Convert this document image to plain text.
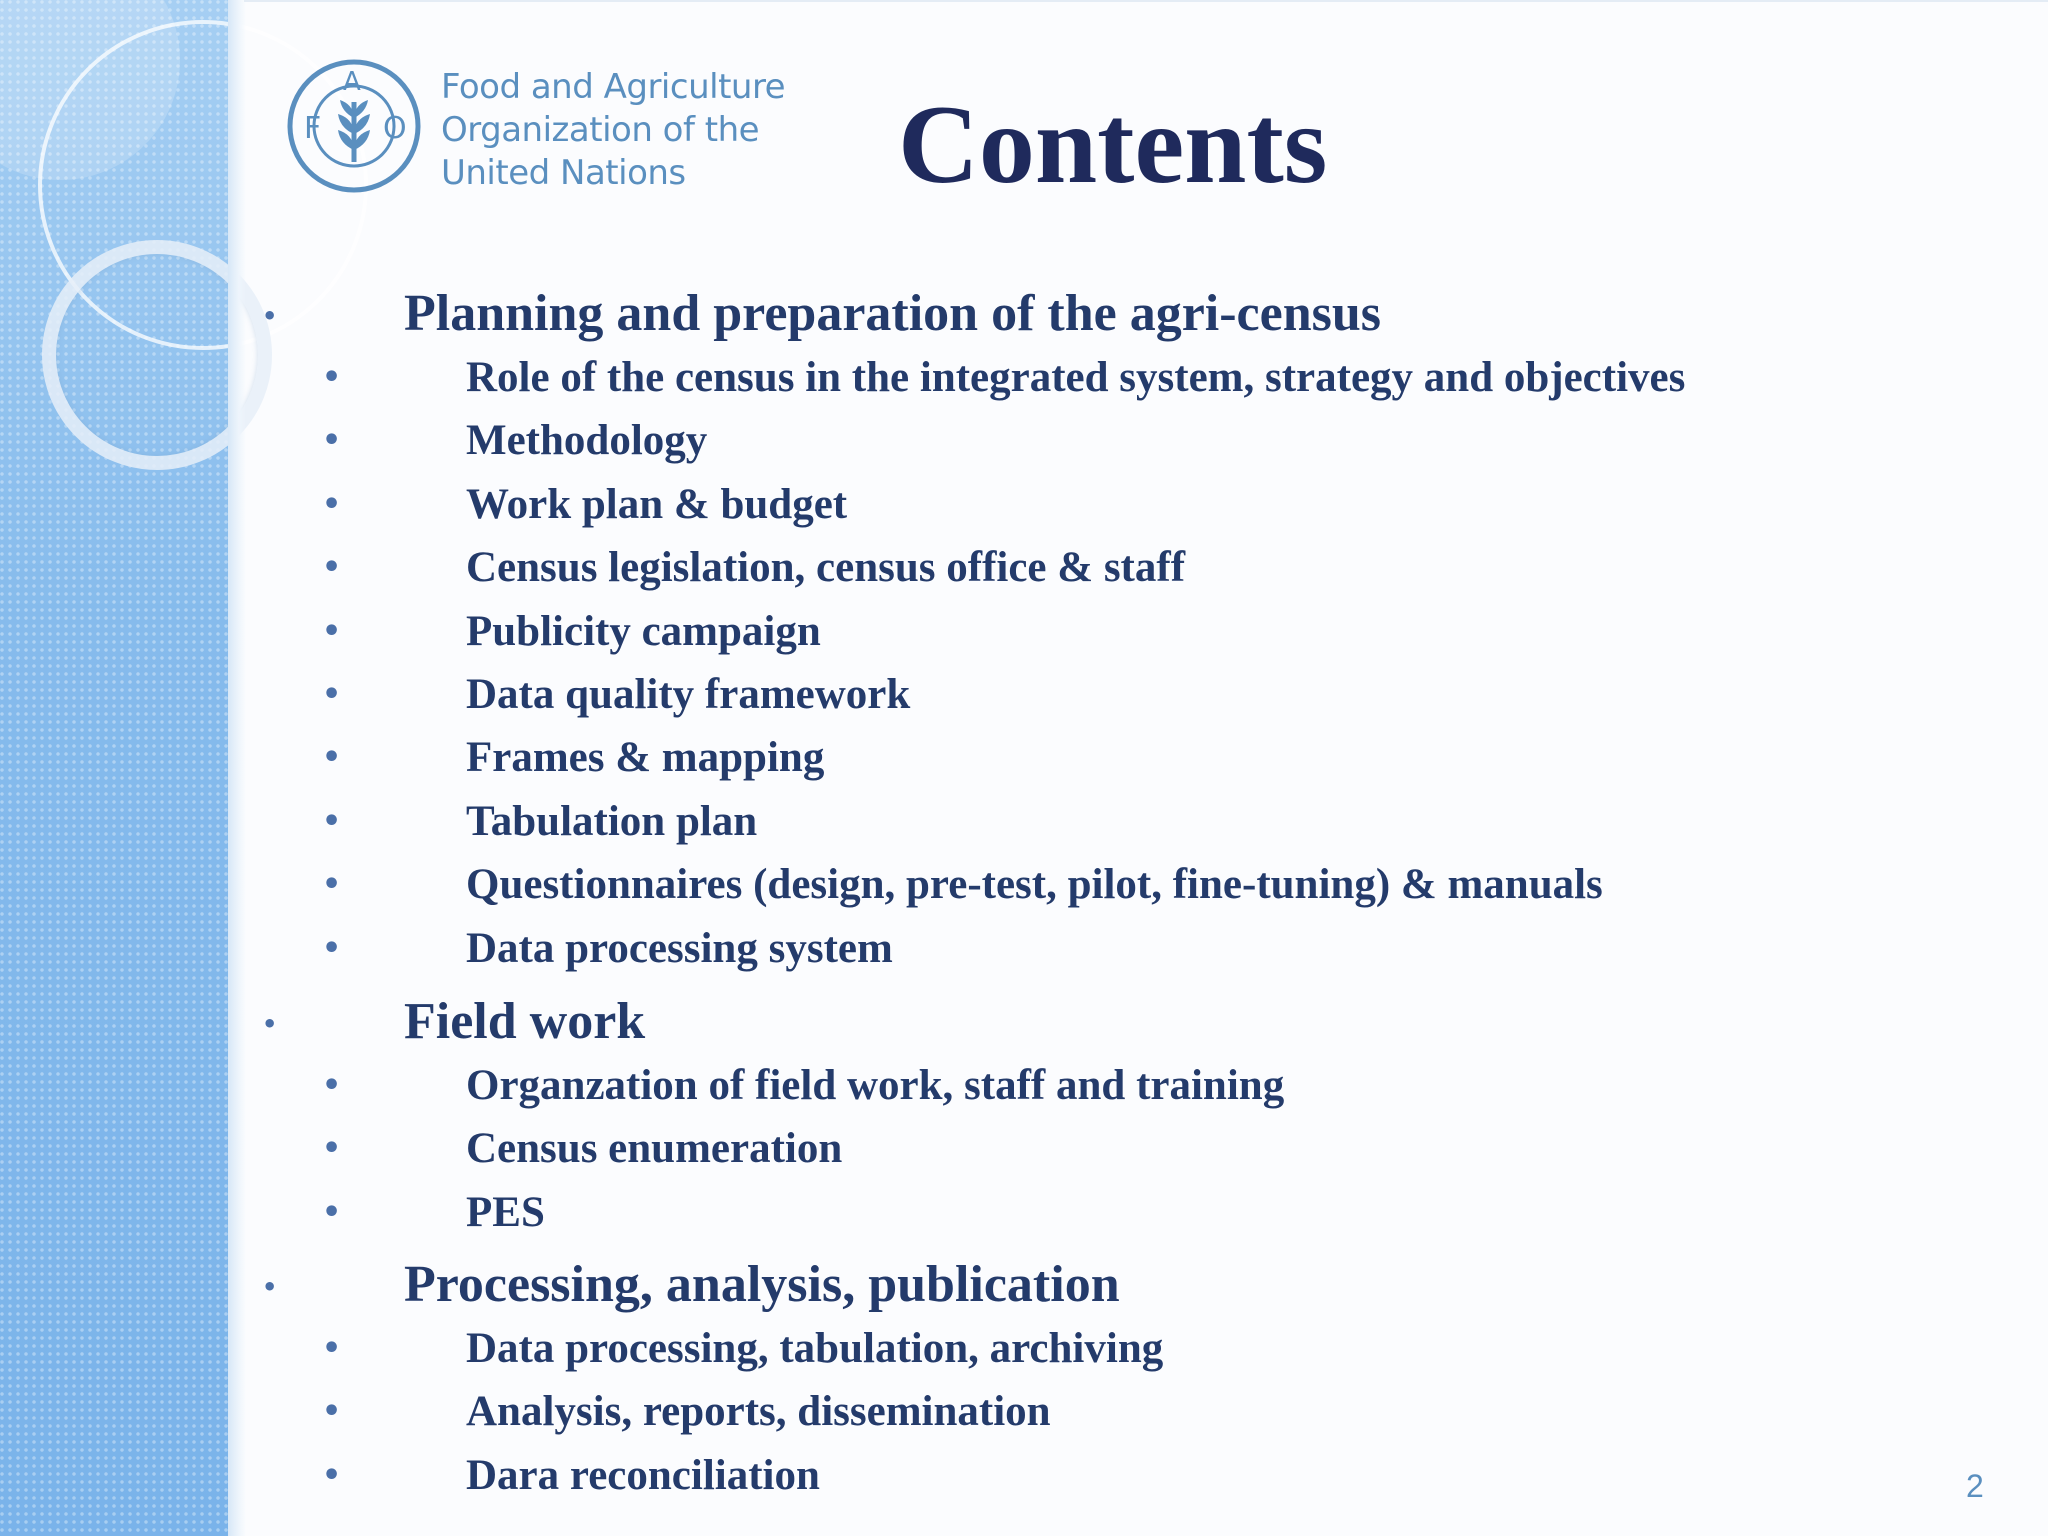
F
A
O
Food and Agriculture
Organization of the
United Nations	Contents
• Planning and preparation of the agri-census
•	Role of the census in the integrated system, strategy and objectives
•	Methodology
•	Work plan & budget
•	Census legislation, census office & staff
•	Publicity campaign
•	Data quality framework
•	Frames & mapping
•	Tabulation plan
•	Questionnaires (design, pre-test, pilot, fine-tuning) & manuals
•	Data processing system
• Field work
•	Organzation of field work, staff and training
•	Census enumeration
•	PES
• Processing, analysis, publication
•	Data processing, tabulation, archiving
•	Analysis, reports, dissemination
•	Dara reconciliation	2
